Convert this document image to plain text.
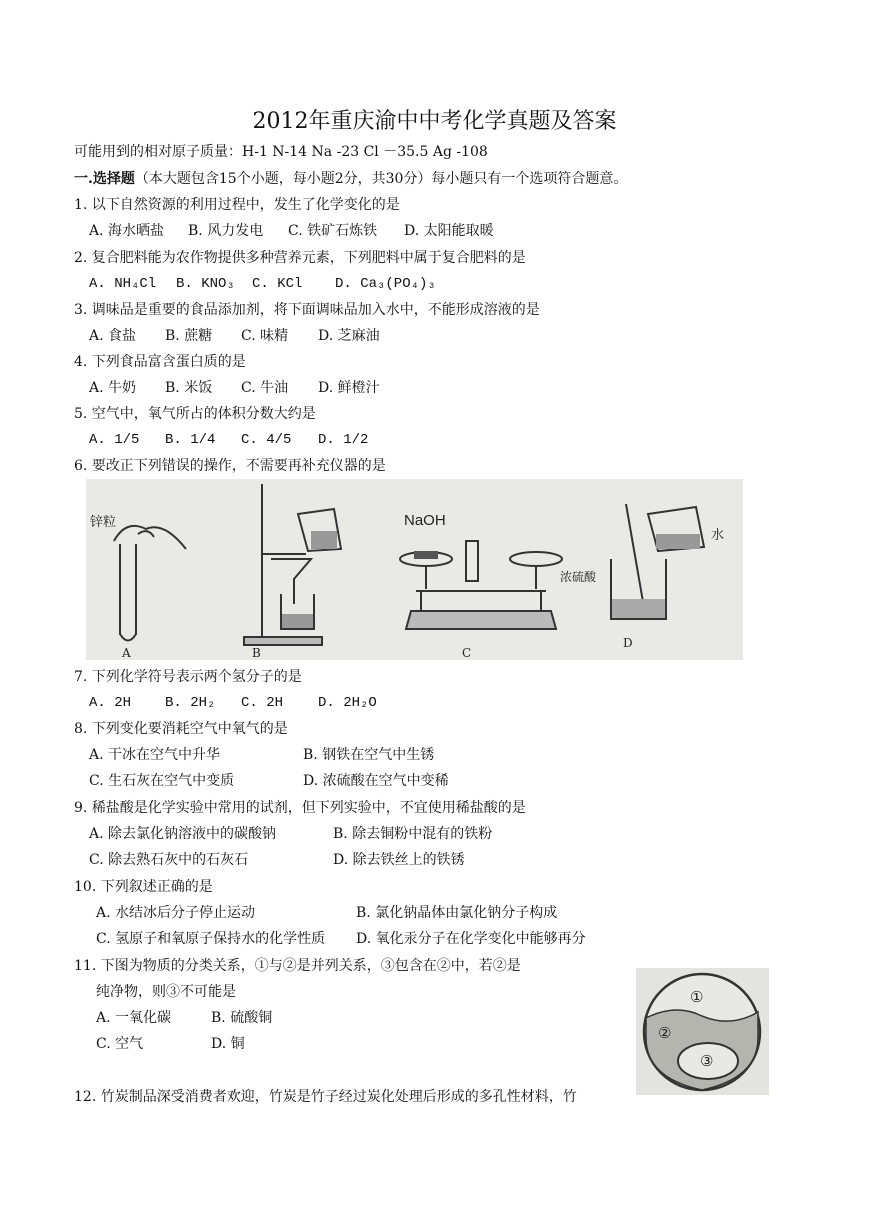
2012年重庆渝中中考化学真题及答案
可能用到的相对原子质量：H-1 N-14 Na -23 Cl －35.5 Ag -108
一.选择题（本大题包含15个小题，每小题2分，共30分）每小题只有一个选项符合题意。
1. 以下自然资源的利用过程中，发生了化学变化的是
A. 海水晒盐 B. 风力发电 C. 铁矿石炼铁 D. 太阳能取暖
2. 复合肥料能为农作物提供多种营养元素，下列肥料中属于复合肥料的是
A. NH₄Cl B. KNO₃ C. KCl D. Ca₃(PO₄)₃
3. 调味品是重要的食品添加剂，将下面调味品加入水中，不能形成溶液的是
A. 食盐 B. 蔗糖 C. 味精 D. 芝麻油
4. 下列食品富含蛋白质的是
A. 牛奶 B. 米饭 C. 牛油 D. 鲜橙汁
5. 空气中，氧气所占的体积分数大约是
A. 1/5 B. 1/4 C. 4/5 D. 1/2
6. 要改正下列错误的操作，不需要再补充仪器的是
锌粒
A	B
NaOH
C
水
浓硫酸
D
7. 下列化学符号表示两个氢分子的是
A. 2H B. 2H₂ C. 2H D. 2H₂O
8. 下列变化要消耗空气中氧气的是
A. 干冰在空气中升华	B. 钢铁在空气中生锈
C. 生石灰在空气中变质	D. 浓硫酸在空气中变稀
9. 稀盐酸是化学实验中常用的试剂，但下列实验中，不宜使用稀盐酸的是
A. 除去氯化钠溶液中的碳酸钠	B. 除去铜粉中混有的铁粉
C. 除去熟石灰中的石灰石	D. 除去铁丝上的铁锈
10. 下列叙述正确的是
A. 水结冰后分子停止运动	B. 氯化钠晶体由氯化钠分子构成
C. 氢原子和氧原子保持水的化学性质 D. 氧化汞分子在化学变化中能够再分
11. 下图为物质的分类关系，①与②是并列关系，③包含在②中，若②是
纯净物，则③不可能是
A. 一氧化碳	B. 硫酸铜
C. 空气	D. 铜
①
②
③
12. 竹炭制品深受消费者欢迎，竹炭是竹子经过炭化处理后形成的多孔性材料，竹
